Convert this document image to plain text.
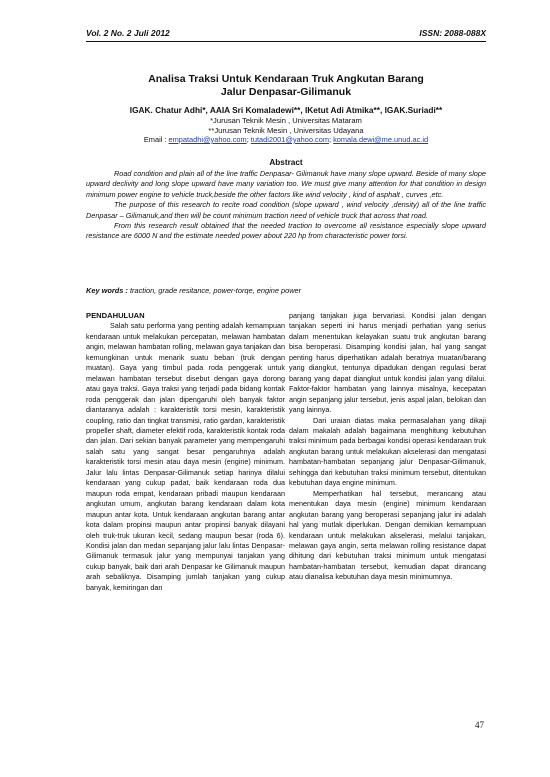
Vol. 2 No. 2 Juli 2012	ISSN: 2088-088X
Analisa Traksi Untuk Kendaraan Truk Angkutan Barang
Jalur Denpasar-Gilimanuk
IGAK. Chatur Adhi*, AAIA Sri Komaladewi**, IKetut Adi Atmika**, IGAK.Suriadi**
*Jurusan Teknik Mesin , Universitas Mataram
**Jurusan Teknik Mesin , Universitas Udayana
Email : empatadhi@yahoo.com; tutadi2001@yahoo.com; komala.dewi@me.unud.ac.id
Abstract

Road condition and plain all of the line traffic Denpasar- Gilimanuk have many slope upward. Beside of many slope upward declivity and long slope upward have many variation too. We must give many attention for that condition in design minimum power engine to vehicle truck,beside the other factors like wind velocity , kind of asphalt , curves ,etc.

The purpose of this research to recite road condition (slope upward , wind velocity ,density) all of the line traffic Denpasar – Gilimanuk,and then will be count minimum traction need of vehicle truck that across that road.

From this research result obtained that the needed traction to overcome all resistance especially slope upward resistance are 6000 N and the estimate needed power about 220 hp from characteristic power torsi.

Key words : traction, grade resitance, power-torqe, engine power
PENDAHULUAN

Salah satu performa yang penting adalah kemampuan kendaraan untuk melakukan percepatan, melawan hambatan angin, melawan hambatan rolling, melawan gaya tanjakan dan kemungkinan untuk menarik suatu beban (truk dengan muatan). Gaya yang timbul pada roda penggerak untuk melawan hambatan tersebut disebut dengan gaya dorong atau gaya traksi. Gaya traksi yang terjadi pada bidang kontak roda penggerak dan jalan dipengaruhi oleh banyak faktor diantaranya adalah : karakteristik torsi mesin, karakteristik coupling, ratio dan tingkat transmisi, ratio gardan, karakteristik propeller shaft, diameter efektif roda, karakteristik kontak roda dan jalan. Dari sekian banyak parameter yang mempengaruhi salah satu yang sangat besar pengaruhnya adalah karakteristik torsi mesin atau daya mesin (engine) minimum. Jalur lalu lintas Denpasar-Gilimanuk setiap harinya dilalui kendaraan yang cukup padat, baik kendaraan roda dua maupun roda empat, kendaraan pribadi maupun kendaraan angkutan umum, angkutan barang kendaraan dalam kota maupun antar kota. Untuk kendaraan angkutan barang antar kota dalam propinsi maupun antar propinsi banyak dilayani oleh truk-truk ukuran kecil, sedang maupun besar (roda 6). Kondisi jalan dan medan sepanjang jalur lalu lintas Denpasar-Gilimanuk termasuk jalur yang mempunyai tanjakan yang cukup banyak, baik dari arah Denpasar ke Gilimanuk maupun arah sebaliknya. Disamping jumlah tanjakan yang cukup banyak, kemiringan dan

panjang tanjakan juga bervariasi. Kondisi jalan dengan tanjakan seperti ini harus menjadi perhatian yang serius dalam menentukan kelayakan suatu truk angkutan barang bisa beroperasi. Disamping kondisi jalan, hal yang sangat penting harus diperhatikan adalah beratnya muatan/barang yang diangkut, tentunya dipadukan dengan regulasi berat barang yang dapat diangkut untuk kondisi jalan yang dilalui. Faktor-faktor hambatan yang lainnya misalnya, kecepatan angin sepanjang jalur tersebut, jenis aspal jalan, belokan dan yang lainnya.

Dari uraian diatas maka permasalahan yang dikaji dalam makalah adalah bagaimana menghitung kebutuhan traksi minimum pada berbagai kondisi operasi kendaraan truk angkutan barang untuk melakukan akselerasi dan mengatasi hambatan-hambatan sepanjang jalur Denpasar-Gilimanuk, sehingga dari kebutuhan traksi minimum tersebut, ditentukan kebutuhan daya engine minimum.

Memperhatikan hal tersebut, merancang atau menentukan daya mesin (engine) minimum kendaraan angkutan barang yang beroperasi sepanjang jalur ini adalah hal yang mutlak diperlukan. Dengan demikian kemampuan kendaraan untuk melakukan akselerasi, melalui tanjakan, melawan gaya angin, serta melawan rolling resistance dapat dihitung dari kebutuhan traksi minimum untuk mengatasi hambatan-hambatan tersebut, kemudian dapat dirancang atau dianalisa kebutuhan daya mesin minimumnya.

47
